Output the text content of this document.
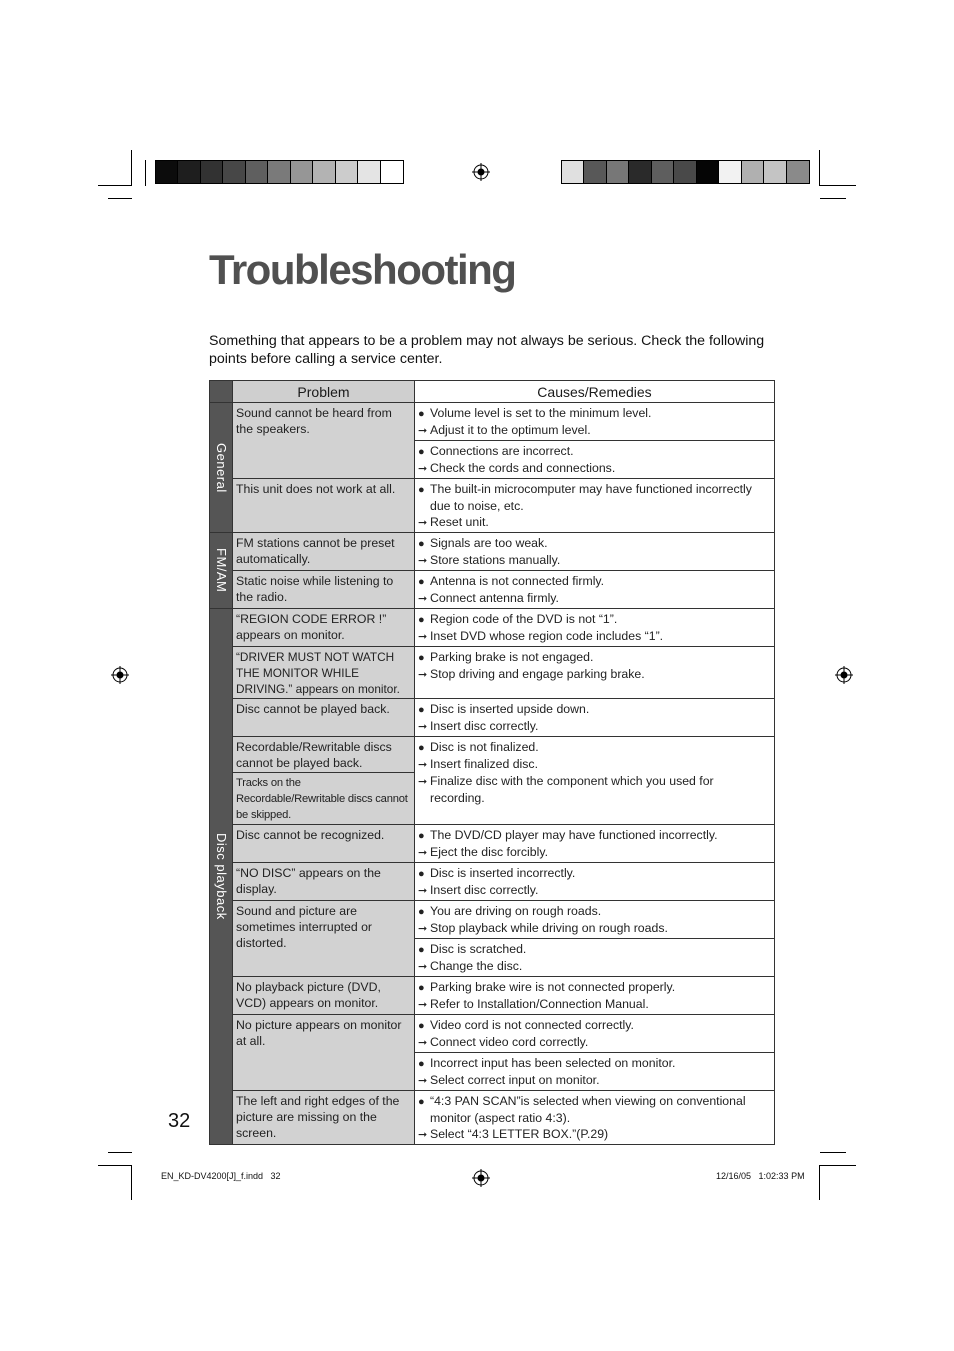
Troubleshooting
Something that appears to be a problem may not always be serious. Check the following points before calling a service center.
	Problem	Causes/Remedies

General	Sound cannot be heard from the speakers.	● Volume level is set to the minimum level.
➞ Adjust it to the optimum level.

		● Connections are incorrect.
➞ Check the cords and connections.

	This unit does not work at all.	● The built-in microcomputer may have functioned incorrectly due to noise, etc.
➞ Reset unit.

FM/AM	FM stations cannot be preset automatically.	● Signals are too weak.
➞ Store stations manually.

	Static noise while listening to the radio.	● Antenna is not connected firmly.
➞ Connect antenna firmly.

Disc playback	“REGION CODE ERROR !” appears on monitor.	● Region code of the DVD is not “1”.
➞ Inset DVD whose region code includes “1”.

	“DRIVER MUST NOT WATCH THE MONITOR WHILE DRIVING.” appears on monitor.	● Parking brake is not engaged.
➞ Stop driving and engage parking brake.

	Disc cannot be played back.	● Disc is inserted upside down.
➞ Insert disc correctly.

	Recordable/Rewritable discs cannot be played back.	● Disc is not finalized.
➞ Insert finalized disc.
➞ Finalize disc with the component which you used for recording.

	Tracks on the Recordable/Rewritable discs cannot be skipped.	
	Disc cannot be recognized.	● The DVD/CD player may have functioned incorrectly.
➞ Eject the disc forcibly.

	“NO DISC” appears on the display.	● Disc is inserted incorrectly.
➞ Insert disc correctly.

	Sound and picture are sometimes interrupted or distorted.	● You are driving on rough roads.
➞ Stop playback while driving on rough roads.

		● Disc is scratched.
➞ Change the disc.

	No playback picture (DVD, VCD) appears on monitor.	● Parking brake wire is not connected properly.
➞ Refer to Installation/Connection Manual.

	No picture appears on monitor at all.	● Video cord is not connected correctly.
➞ Connect video cord correctly.

		● Incorrect input has been selected on monitor.
➞ Select correct input on monitor.

	The left and right edges of the picture are missing on the screen.	● “4:3 PAN SCAN”is selected when viewing on conventional monitor (aspect ratio 4:3).
➞ Select “4:3 LETTER BOX.”(P.29)
32
EN_KD-DV4200[J]_f.indd   32	12/16/05   1:02:33 PM
